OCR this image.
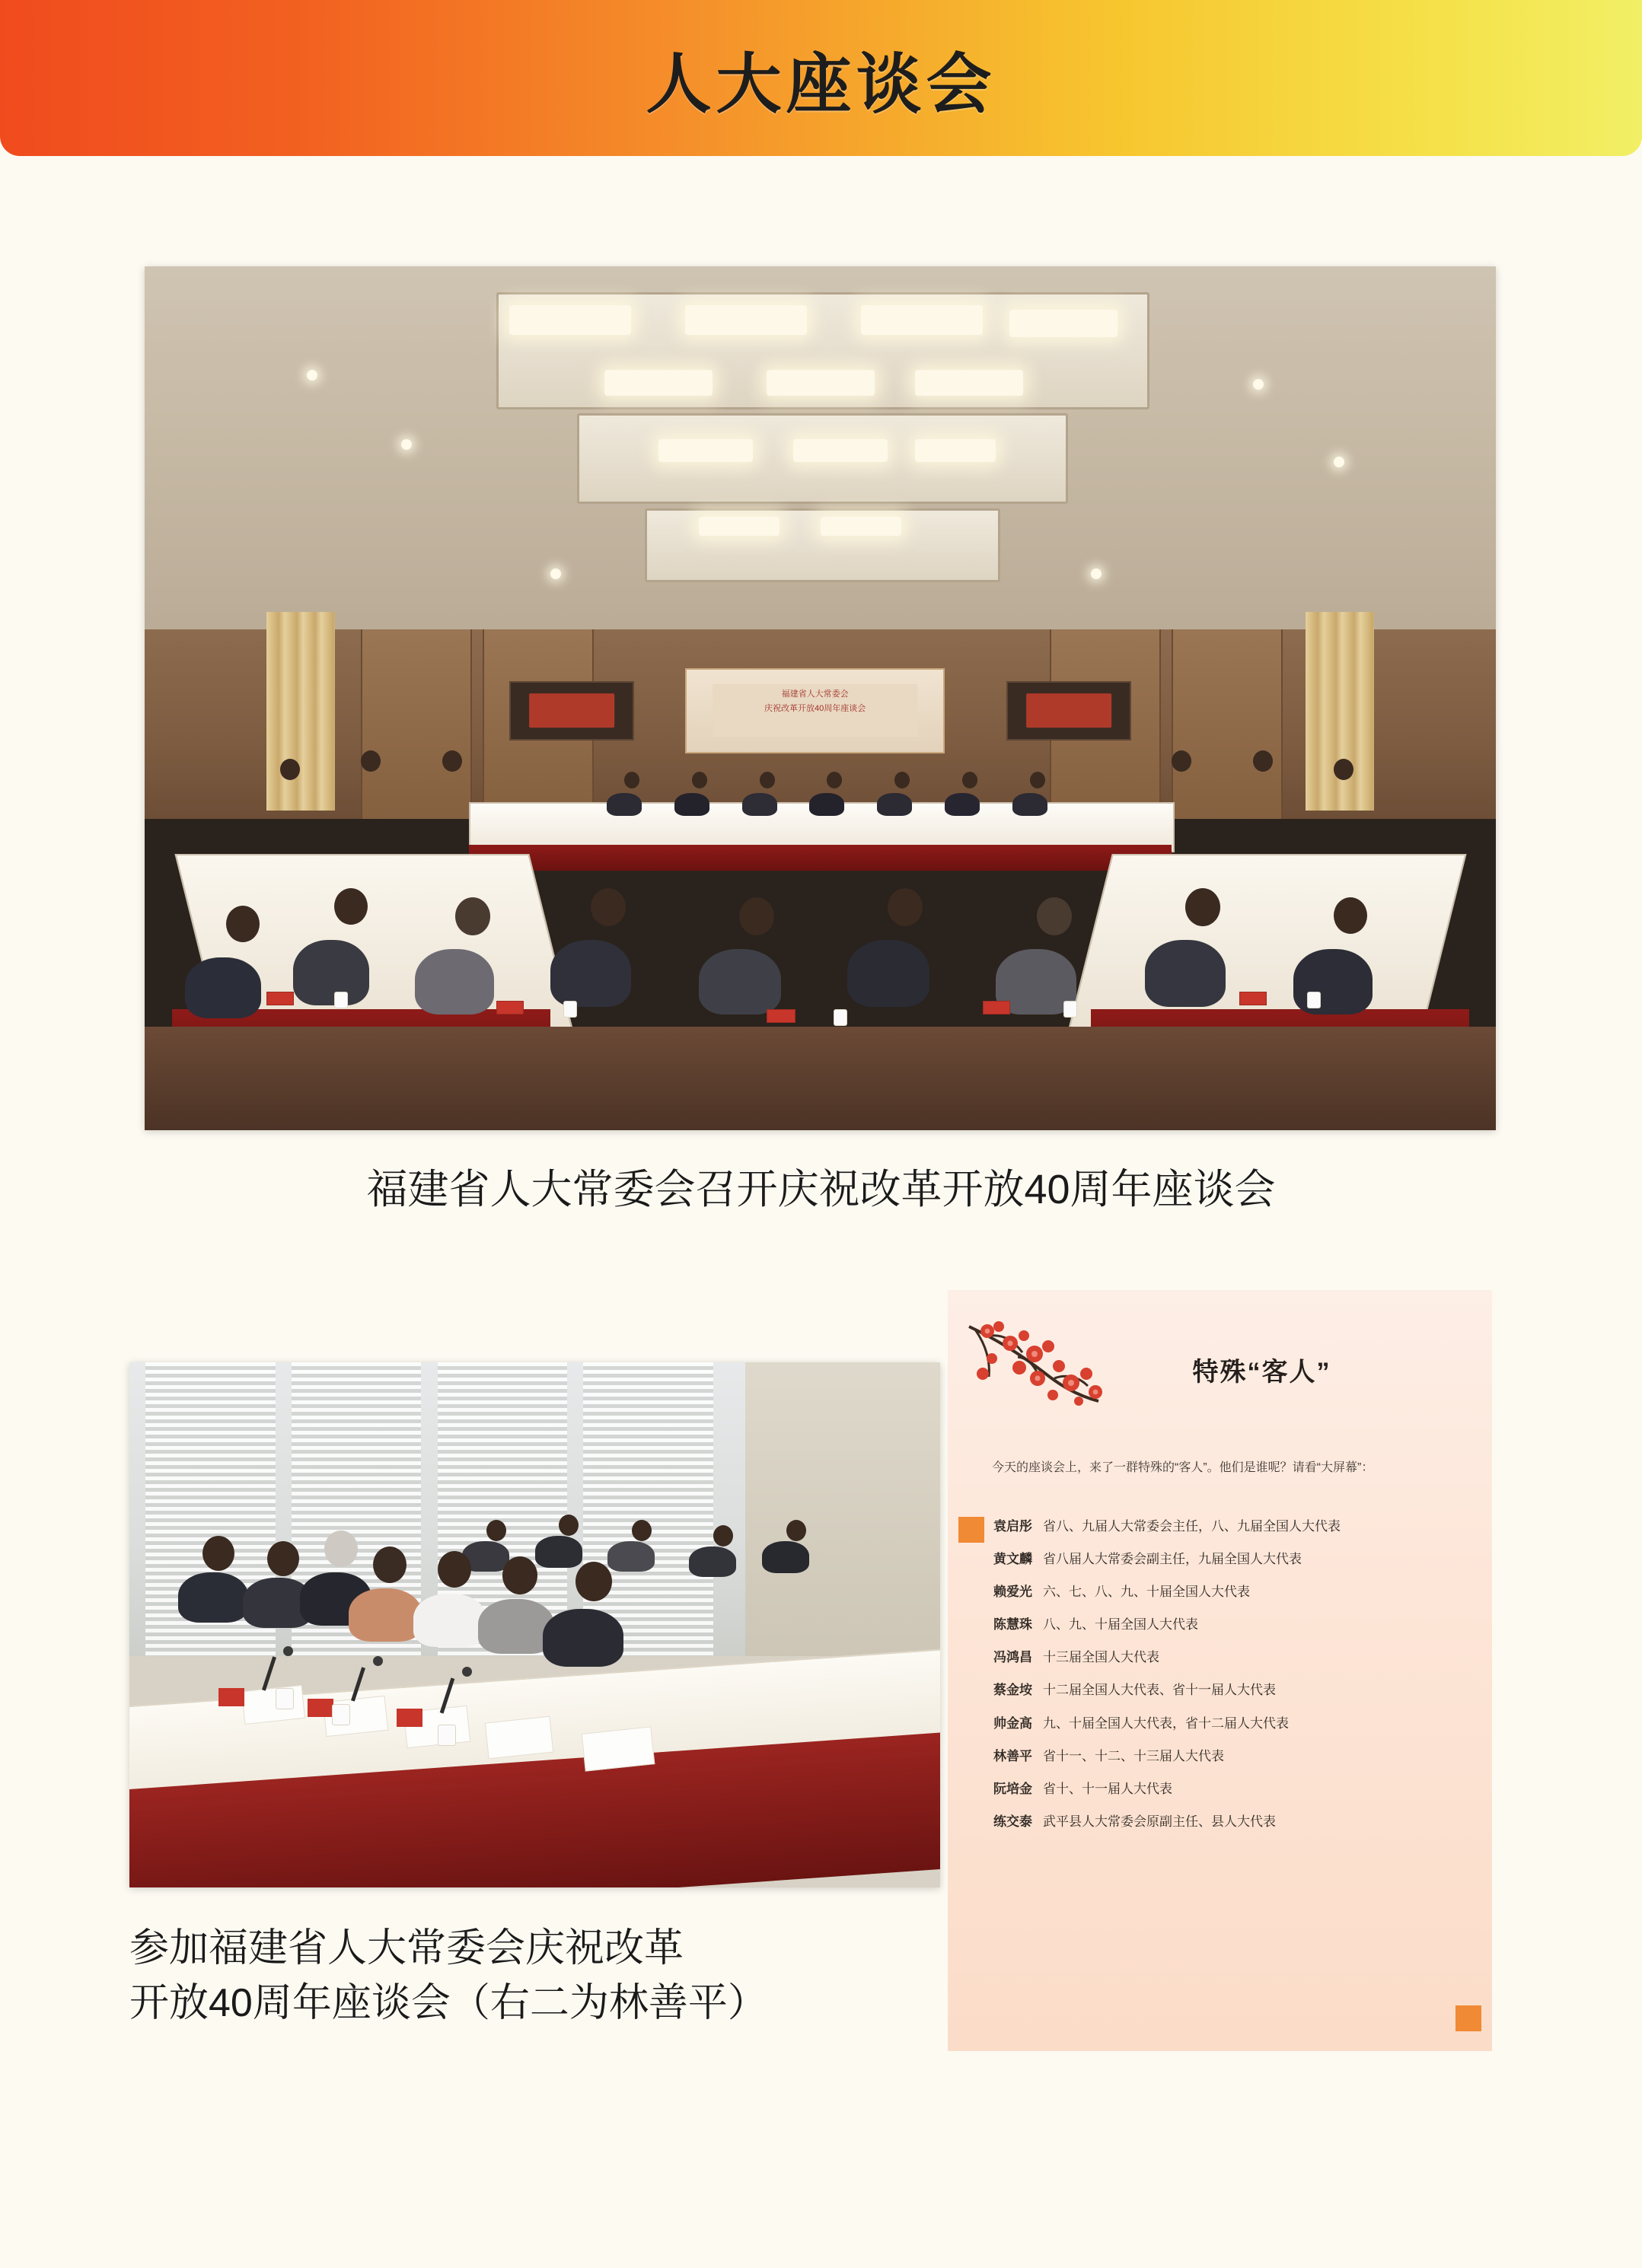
人大座谈会
福建省人大常委会
庆祝改革开放40周年座谈会
福建省人大常委会召开庆祝改革开放40周年座谈会
参加福建省人大常委会庆祝改革
开放40周年座谈会（右二为林善平）
特殊“客人”
今天的座谈会上，来了一群特殊的“客人”。他们是谁呢？请看“大屏幕”：
袁启彤 省八、九届人大常委会主任，八、九届全国人大代表
黄文麟 省八届人大常委会副主任，九届全国人大代表
赖爱光 六、七、八、九、十届全国人大代表
陈慧珠 八、九、十届全国人大代表
冯鸿昌 十三届全国人大代表
蔡金垵 十二届全国人大代表、省十一届人大代表
帅金高 九、十届全国人大代表，省十二届人大代表
林善平 省十一、十二、十三届人大代表
阮培金 省十、十一届人大代表
练交泰 武平县人大常委会原副主任、县人大代表
